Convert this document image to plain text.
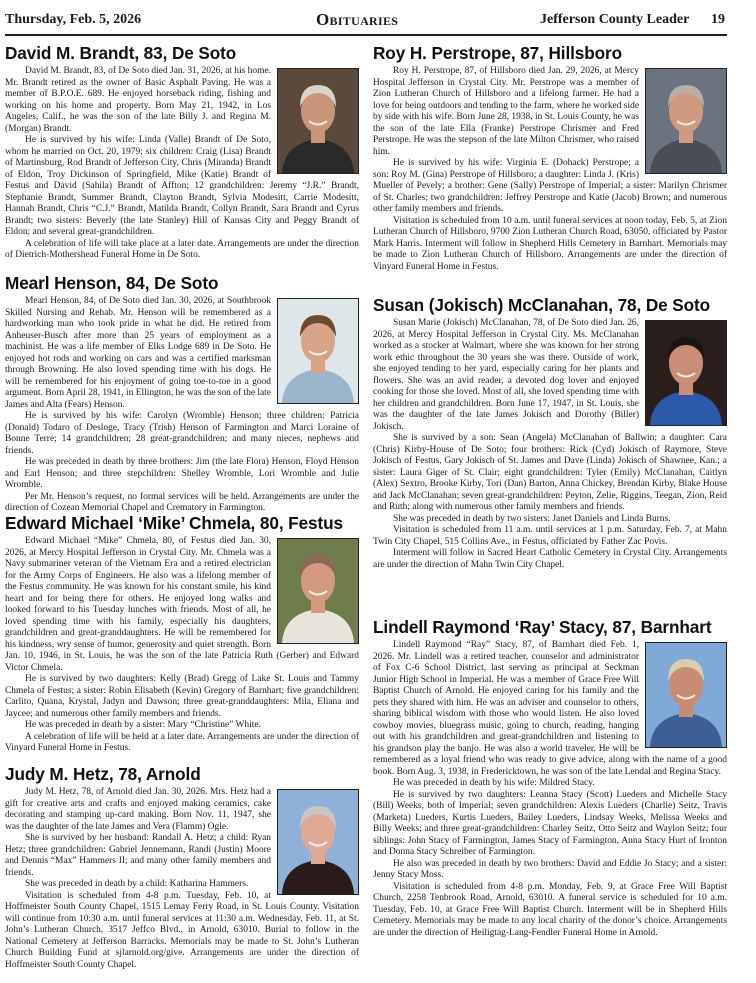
Thursday, Feb. 5, 2026	Obituaries	Jefferson County Leader 19
David M. Brandt, 83, De Soto

David M. Brandt, 83, of De Soto died Jan. 31, 2026, at his home. Mr. Brandt retired as the owner of Basic Asphalt Paving. He was a member of B.P.O.E. 689. He enjoyed horseback riding, fishing and working on his home and property. Born May 21, 1942, in Los Angeles, Calif., he was the son of the late Billy J. and Regina M. (Morgan) Brandt.

He is survived by his wife: Linda (Valle) Brandt of De Soto, whom he married on Oct. 20, 1979; six children: Craig (Lisa) Brandt of Martinsburg, Rod Brandt of Jefferson City, Chris (Miranda) Brandt of Eldon, Troy Dickinson of Springfield, Mike (Katie) Brandt of Festus and David (Sahila) Brandt of Affton; 12 grandchildren: Jeremy “J.R.” Brandt, Stephanie Brandt, Summer Brandt, Clayton Brandt, Sylvia Modesitt, Carrie Modesitt, Hannah Brandt, Chris “C.J.” Brandt, Matilda Brandt, Collyn Brandt, Sara Brandt and Cyrus Brandt; two sisters: Beverly (the late Stanley) Hill of Kansas City and Peggy Brandt of Eldon; and several great-grandchildren.

A celebration of life will take place at a later date. Arrangements are under the direction of Dietrich-Mothershead Funeral Home in De Soto.

Mearl Henson, 84, De Soto

Mearl Henson, 84, of De Soto died Jan. 30, 2026, at Southbrook Skilled Nursing and Rehab. Mr. Henson will be remembered as a hardworking man who took pride in what he did. He retired from Anheuser-Busch after more than 25 years of employment as a machinist. He was a life member of Elks Lodge 689 in De Soto. He enjoyed hot rods and working on cars and was a certified marksman through Browning. He also loved spending time with his dogs. He will be remembered for his enjoyment of going toe-to-toe in a good argument. Born April 28, 1941, in Ellington, he was the son of the late James and Alta (Fears) Henson.

He is survived by his wife: Carolyn (Wromble) Henson; three children: Patricia (Donald) Todaro of Desloge, Tracy (Trish) Henson of Farmington and Marci Loraine of Bonne Terre; 14 grandchildren; 28 great-grandchildren; and many nieces, nephews and friends.

He was preceded in death by three brothers: Jim (the late Flora) Henson, Floyd Henson and Earl Henson; and three stepchildren: Shelley Wromble, Lori Wromble and Julie Wromble.

Per Mr. Henson’s request, no formal services will be held. Arrangements are under the direction of Cozean Memorial Chapel and Crematory in Farmington.

Edward Michael ‘Mike’ Chmela, 80, Festus

Edward Michael “Mike” Chmela, 80, of Festus died Jan. 30, 2026, at Mercy Hospital Jefferson in Crystal City. Mr. Chmela was a Navy submariner veteran of the Vietnam Era and a retired electrician for the Army Corps of Engineers. He also was a lifelong member of the Festus community. He was known for his constant smile, his kind heart and for being there for others. He enjoyed long walks and looked forward to his Tuesday lunches with friends. Most of all, he loved spending time with his family, especially his daughters, grandchildren and great-granddaughters. He will be remembered for his kindness, wry sense of humor, generosity and quiet strength. Born Jan. 10, 1946, in St. Louis, he was the son of the late Patricia Ruth (Gerber) and Edward Victor Chmela.

He is survived by two daughters: Kelly (Brad) Gregg of Lake St. Louis and Tammy Chmela of Festus; a sister: Robin Elisabeth (Kevin) Gregory of Barnhart; five grandchildren: Carlito, Quana, Krystal, Jadyn and Dawson; three great-granddaughters: Mila, Eliana and Jaycee; and numerous other family members and friends.

He was preceded in death by a sister: Mary “Christine” White.

A celebration of life will be held at a later date. Arrangements are under the direction of Vinyard Funeral Home in Festus.

Judy M. Hetz, 78, Arnold

Judy M. Hetz, 78, of Arnold died Jan. 30, 2026. Mrs. Hetz had a gift for creative arts and crafts and enjoyed making ceramics, cake decorating and stamping up-card making. Born Nov. 11, 1947, she was the daughter of the late James and Vera (Flamm) Ogle.

She is survived by her husband: Randall A. Hetz; a child: Ryan Hetz; three grandchildren: Gabriel Jennemann, Randi (Justin) Moore and Dennis “Max” Hammers II; and many other family members and friends.

She was preceded in death by a child: Katharina Hammers.

Visitation is scheduled from 4-8 p.m. Tuesday, Feb. 10, at Hoffmeister South County Chapel, 1515 Lemay Ferry Road, in St. Louis County. Visitation will continue from 10:30 a.m. until funeral services at 11:30 a.m. Wednesday, Feb. 11, at St. John’s Lutheran Church, 3517 Jeffco Blvd., in Arnold, 63010. Burial to follow in the National Cemetery at Jefferson Barracks. Memorials may be made to St. John’s Lutheran Church Building Fund at sjlarnold.org/give. Arrangements are under the direction of Hoffmeister South County Chapel.

Roy H. Perstrope, 87, Hillsboro

Roy H. Perstrope, 87, of Hillsboro died Jan. 29, 2026, at Mercy Hospital Jefferson in Crystal City. Mr. Perstrope was a member of Zion Lutheran Church of Hillsboro and a lifelong farmer. He had a love for being outdoors and tending to the farm, where he worked side by side with his wife. Born June 28, 1938, in St. Louis County, he was the son of the late Ella (Franke) Perstrope Chrismer and Fred Perstrope. He was the stepson of the late Milton Chrismer, who raised him.

He is survived by his wife: Virginia E. (Dohack) Perstrope; a son: Roy M. (Gina) Perstrope of Hillsboro; a daughter: Linda J. (Kris) Mueller of Pevely; a brother: Gene (Sally) Perstrope of Imperial; a sister: Marilyn Chrismer of St. Charles; two grandchildren: Jeffrey Perstrope and Katie (Jacob) Brown; and numerous other family members and friends.

Visitation is scheduled from 10 a.m. until funeral services at noon today, Feb. 5, at Zion Lutheran Church of Hillsboro, 9700 Zion Lutheran Church Road, 63050, officiated by Pastor Mark Harris. Interment will follow in Shepherd Hills Cemetery in Barnhart. Memorials may be made to Zion Lutheran Church of Hillsboro. Arrangements are under the direction of Vinyard Funeral Home in Festus.

Susan (Jokisch) McClanahan, 78, De Soto

Susan Marie (Jokisch) McClanahan, 78, of De Soto died Jan. 26, 2026, at Mercy Hospital Jefferson in Crystal City. Ms. McClanahan worked as a stocker at Walmart, where she was known for her strong work ethic throughout the 30 years she was there. Outside of work, she enjoyed tending to her yard, especially caring for her plants and flowers. She was an avid reader, a devoted dog lover and enjoyed cooking for those she loved. Most of all, she loved spending time with her children and grandchildren. Born June 17, 1947, in St. Louis, she was the daughter of the late James Jokisch and Dorothy (Biller) Jokisch.

She is survived by a son: Sean (Angela) McClanahan of Ballwin; a daughter: Cara (Chris) Kirby-House of De Soto; four brothers: Rick (Cyd) Jokisch of Raymore, Steve Jokisch of Festus, Gary Jokisch of St. James and Dave (Linda) Jokisch of Shawnee, Kan.; a sister: Laura Giger of St. Clair; eight grandchildren: Tyler (Emily) McClanahan, Caitlyn (Alex) Sextro, Brooke Kirby, Tori (Dan) Barton, Anna Chickey, Brendan Kirby, Blake House and Jack McClanahan; seven great-grandchildren: Peyton, Zelie, Riggins, Teegan, Zion, Reid and Ruth; along with numerous other family members and friends.

She was preceded in death by two sisters: Janet Daniels and Linda Burns.

Visitation is scheduled from 11 a.m. until services at 1 p.m. Saturday, Feb. 7, at Mahn Twin City Chapel, 515 Collins Ave., in Festus, officiated by Father Zac Povis.

Interment will follow in Sacred Heart Catholic Cemetery in Crystal City. Arrangements are under the direction of Mahn Twin City Chapel.

Lindell Raymond ‘Ray’ Stacy, 87, Barnhart

Lindell Raymond “Ray” Stacy, 87, of Barnhart died Feb. 1, 2026. Mr. Lindell was a retired teacher, counselor and administrator of Fox C-6 School District, last serving as principal at Seckman Junior High School in Imperial. He was a member of Grace Free Will Baptist Church of Arnold. He enjoyed caring for his family and the pets they shared with him. He was an adviser and counselor to others, sharing biblical wisdom with those who would listen. He also loved cowboy movies, bluegrass music, going to church, reading, hanging out with his grandchildren and great-grandchildren and listening to his grandson play the banjo. He was also a world traveler. He will be remembered as a loyal friend who was ready to give advice, along with the name of a good book. Born Aug. 3, 1938, in Fredericktown, he was son of the late Lendal and Regina Stacy.

He was preceded in death by his wife: Mildred Stacy.

He is survived by two daughters: Leanna Stacy (Scott) Lueders and Michelle Stacy (Bill) Weeks, both of Imperial; seven grandchildren: Alexis Lueders (Charlie) Seitz, Travis (Marketa) Lueders, Kurtis Lueders, Bailey Lueders, Lindsay Weeks, Melissa Weeks and Billy Weeks; and three great-grandchildren: Charley Seitz, Otto Seitz and Waylon Seitz; four siblings: John Stacy of Farmington, James Stacy of Farmington, Anna Stacy Hurt of Ironton and Donna Stacy Schreiber of Farmington.

He also was preceded in death by two brothers: David and Eddie Jo Stacy; and a sister: Jenny Stacy Moss.

Visitation is scheduled from 4-8 p.m. Monday, Feb. 9, at Grace Free Will Baptist Church, 2258 Tenbrook Road, Arnold, 63010. A funeral service is scheduled for 10 a.m. Tuesday, Feb. 10, at Grace Free Will Baptist Church. Interment will be in Shepherd Hills Cemetery. Memorials may be made to any local charity of the donor’s choice. Arrangements are under the direction of Heiligtag-Lang-Fendler Funeral Home in Arnold.
